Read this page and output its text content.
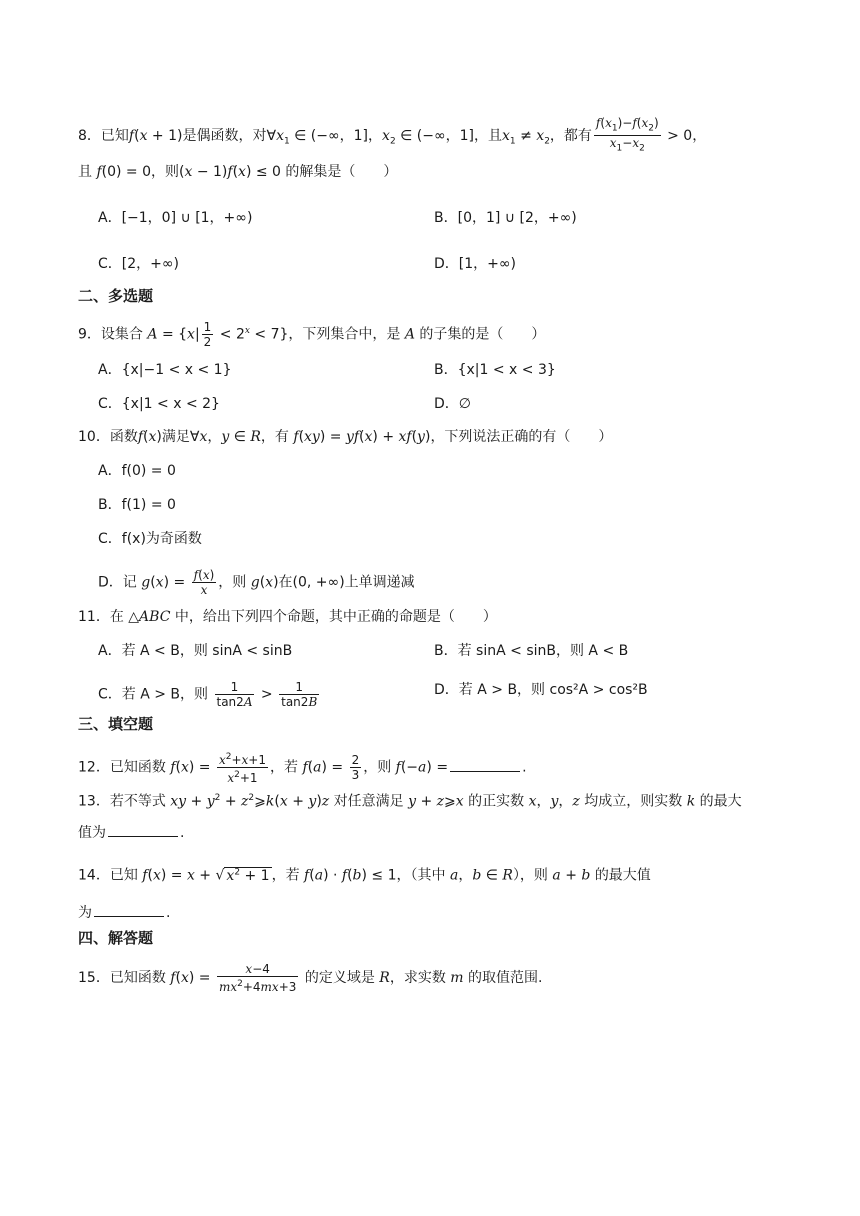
8．已知f(x + 1)是偶函数，对$\forall x_1$ ∈ (−∞，1]，$x_2$ ∈ (−∞，1]，且$x_1 \ne x_2$，都有 $\frac{f(x_1)-f(x_2)}{x_1-x_2} > 0$，
且 f(0) = 0，则(x − 1)f(x) ≤ 0 的解集是（　　）
A．[−1，0] ∪ [1，+∞)	B．[0，1] ∪ [2，+∞)
C．[2，+∞)	D．[1，+∞)
二、多选题
9．设集合 $A = \{x| \frac{1}{2} < 2^x < 7\}$，下列集合中，是 A 的子集的是（　　）
A．{x|−1 < x < 1}	B．{x|1 < x < 3}
C．{x|1 < x < 2}	D．∅
10．函数f(x)满足∀x，y ∈ R，有 f(xy) = yf(x) + xf(y)，下列说法正确的有（　　）
A．f(0) = 0
B．f(1) = 0
C．f(x)为奇函数
D．记 $g(x) = \frac{f(x)}{x}$ ，则 g(x)在(0, +∞)上单调递减
11．在 △ABC 中，给出下列四个命题，其中正确的命题是（　　）
A．若 A < B，则 sinA < sinB	B．若 sinA < sinB，则 A < B
C．若 A > B，则 $\frac{1}{\tan 2A} > \frac{1}{\tan 2B}$	D．若 A > B，则 cos²A > cos²B
三、填空题
12．已知函数 $f(x) = \frac{x^2+x+1}{x^2+1}$ ，若 $f(a) = \frac{2}{3}$ ，则 f(−a) =	.
13．若不等式 xy + $y^2$ + $z^2⩾k(x + y)z$ 对任意满足 y + z⩾x 的正实数 x，y，z 均成立，则实数 k 的最大
值为	.
14．已知 f(x) = x + √ $x^2 + 1$ ，若 f(a) · f(b) ≤ 1，（其中 a，b ∈ R），则 a + b 的最大值
为	.
四、解答题
15．已知函数 $f(x) = \frac{x-4}{mx^2+4mx+3}$ 的定义域是 R，求实数 m 的取值范围.
